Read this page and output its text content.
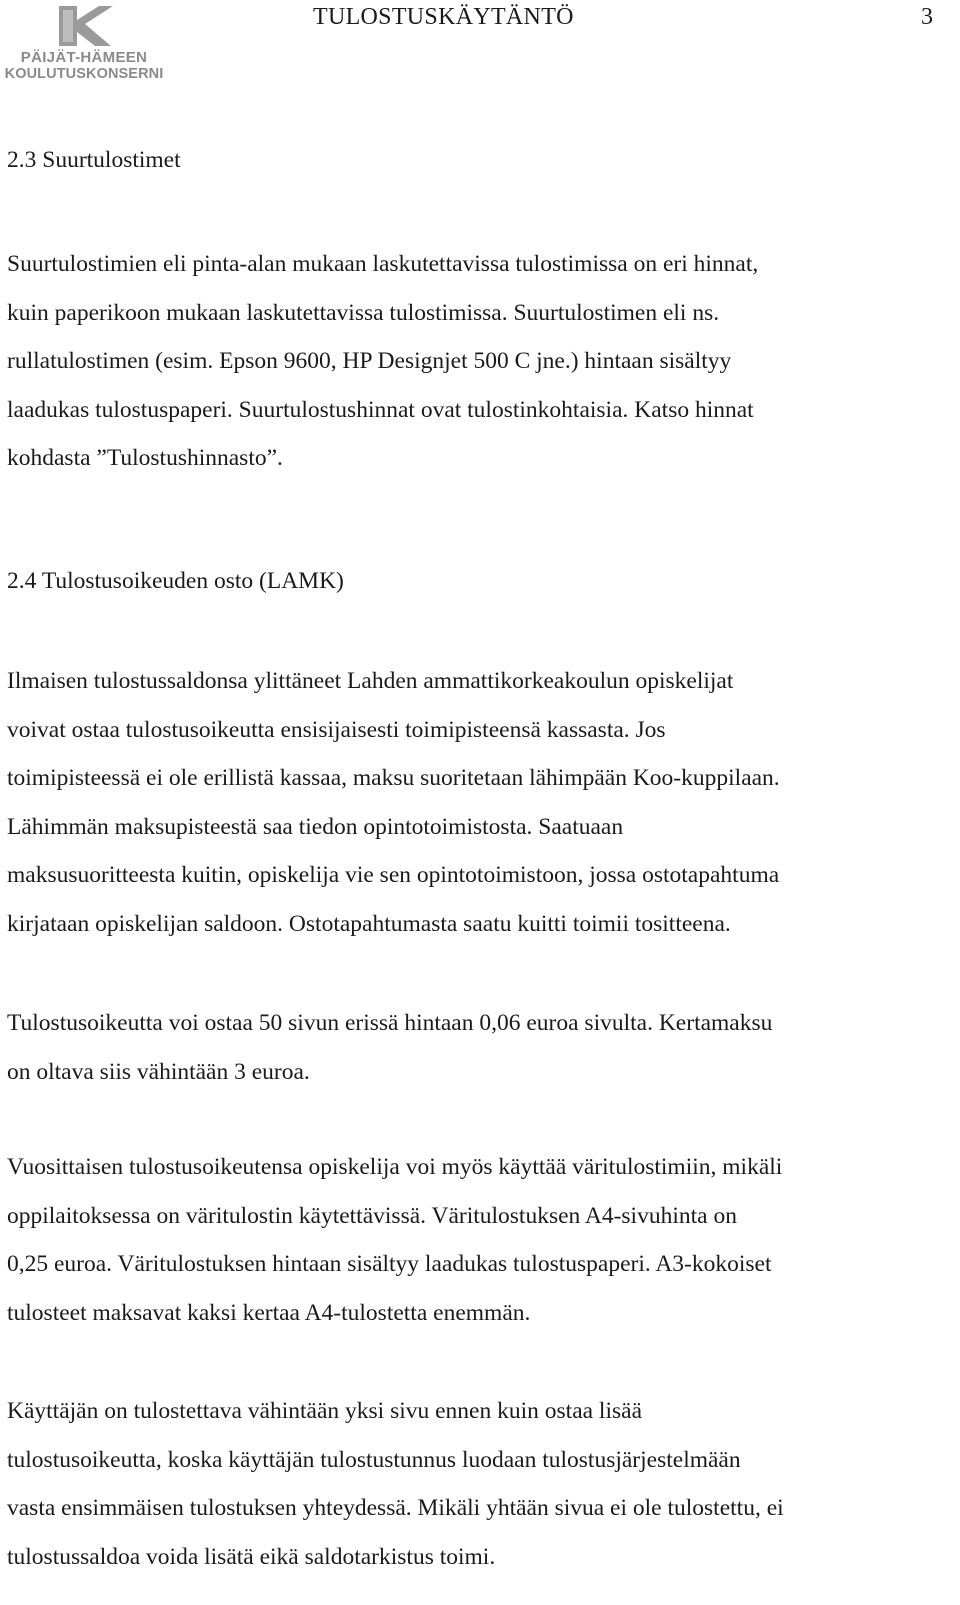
PÄIJÄT-HÄMEEN
KOULUTUSKONSERNI
TULOSTUSKÄYTÄNTÖ	3
2.3 Suurtulostimet
Suurtulostimien eli pinta-alan mukaan laskutettavissa tulostimissa on eri hinnat,
kuin paperikoon mukaan laskutettavissa tulostimissa. Suurtulostimen eli ns.
rullatulostimen (esim. Epson 9600, HP Designjet 500 C jne.) hintaan sisältyy
laadukas tulostuspaperi. Suurtulostushinnat ovat tulostinkohtaisia. Katso hinnat
kohdasta ”Tulostushinnasto”.
2.4 Tulostusoikeuden osto (LAMK)
Ilmaisen tulostussaldonsa ylittäneet Lahden ammattikorkeakoulun opiskelijat
voivat ostaa tulostusoikeutta ensisijaisesti toimipisteensä kassasta. Jos
toimipisteessä ei ole erillistä kassaa, maksu suoritetaan lähimpään Koo-kuppilaan.
Lähimmän maksupisteestä saa tiedon opintotoimistosta. Saatuaan
maksusuoritteesta kuitin, opiskelija vie sen opintotoimistoon, jossa ostotapahtuma
kirjataan opiskelijan saldoon. Ostotapahtumasta saatu kuitti toimii tositteena.
Tulostusoikeutta voi ostaa 50 sivun erissä hintaan 0,06 euroa sivulta. Kertamaksu
on oltava siis vähintään 3 euroa.
Vuosittaisen tulostusoikeutensa opiskelija voi myös käyttää väritulostimiin, mikäli
oppilaitoksessa on väritulostin käytettävissä. Väritulostuksen A4-sivuhinta on
0,25 euroa. Väritulostuksen hintaan sisältyy laadukas tulostuspaperi. A3-kokoiset
tulosteet maksavat kaksi kertaa A4-tulostetta enemmän.
Käyttäjän on tulostettava vähintään yksi sivu ennen kuin ostaa lisää
tulostusoikeutta, koska käyttäjän tulostustunnus luodaan tulostusjärjestelmään
vasta ensimmäisen tulostuksen yhteydessä. Mikäli yhtään sivua ei ole tulostettu, ei
tulostussaldoa voida lisätä eikä saldotarkistus toimi.
